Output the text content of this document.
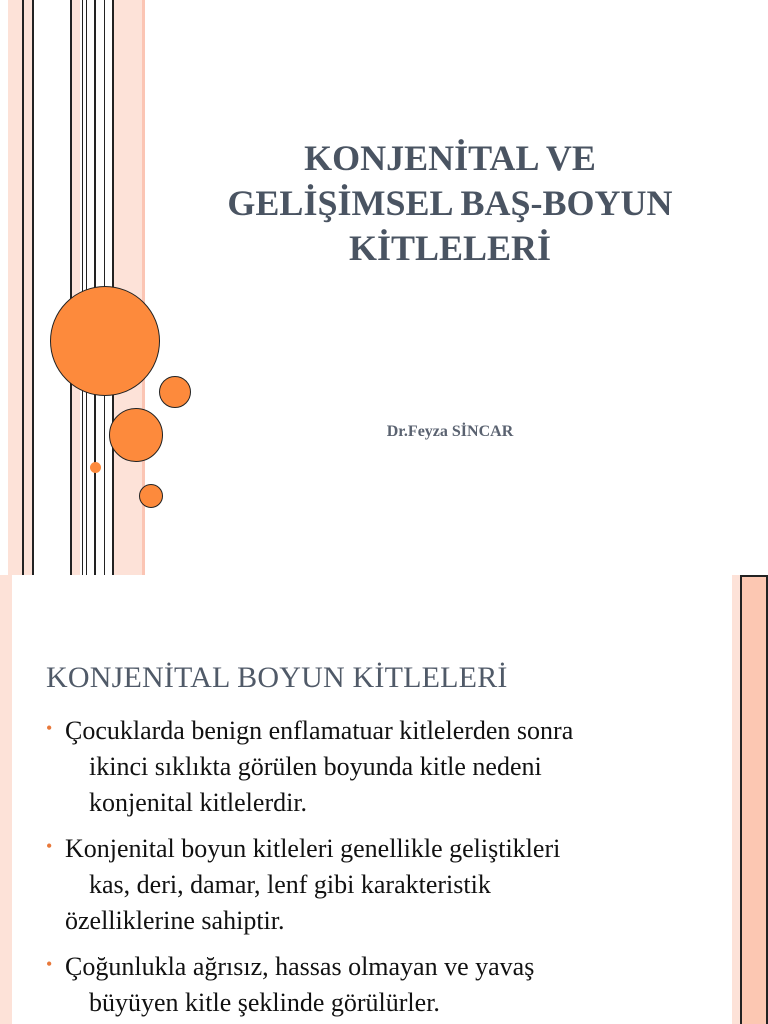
KONJENİTAL VE
GELİŞİMSEL BAŞ-BOYUN
KİTLELERİ
Dr.Feyza SİNCAR
KONJENİTAL BOYUN KİTLELERİ
• Çocuklarda benign enflamatuar kitlelerden sonra
ikinci sıklıkta görülen boyunda kitle nedeni
konjenital kitlelerdir.
• Konjenital boyun kitleleri genellikle geliştikleri
kas, deri, damar, lenf gibi karakteristik
özelliklerine sahiptir.
• Çoğunlukla ağrısız, hassas olmayan ve yavaş
büyüyen kitle şeklinde görülürler.
